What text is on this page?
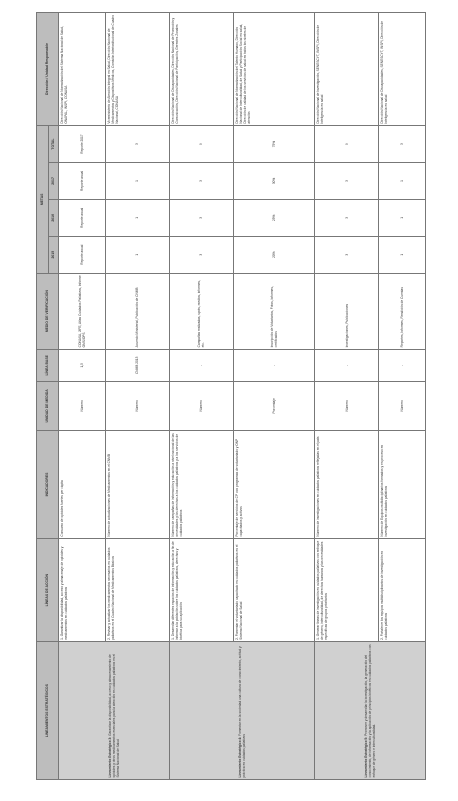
LINEAMIENTOS ESTRATÉGICOS	LÍNEAS DE ACCIÓN	INDICADORES	UNIDAD DE MEDIDA	LÍNEA BASE	MEDIO DE VERIFICACIÓN	METAS				Dirección / Unidad Responsable
						2015	2016	2017	TOTAL	
Lineamiento Estratégico 3: Garantizar la disponibilidad, acceso y almacenamiento de opioides y otros medicamentos esenciales para la atención en cuidados paliativos en el Sistema Nacional de Salud	1. Garantizar la disponibilidad, acceso y almacenaje de opioides y medicamentos en cuidados paliativos	Consumo de opioides fuertes per cápita	Número	1,5	CONASA, JIFE, Atlas Cuidados Paliativos, Informe OMS/OPS	Reporte anual	Reporte anual	Reporte anual	Reporte 2017	Dirección Nacional de Normatización del Sistema Nacional de Salud, ONAPAL, INSPI, CONASA
	2. Revisar y actualizar los medicamentos necesarios en cuidados paliativos en el Cuadro Nacional de Medicamentos Básicos	Número de actualizaciones de Medicamentos en el CNMB	Número	CNMB 2013	Acuerdo Ministerial, Publicación de CNMB	1	1	1	3	Viceministerio de Atención Integral en Salud, Dirección Nacional de Medicamentos y Dispositivos Médicos, Comisión Interinstitucional de Cuadro Nacional, CONASA
Lineamiento Estratégico 4: Fomentar en la sociedad una cultura de conocimiento, actitud y práctica en cuidados paliativos	1. Desarrollar diferentes espacios de información y educación a fin de informar a la población sobre los cuidados paliativos, derechos y bioética para su aplicación	Número de campañas de información y educación a nivel nacional de las necesidades y los derechos a los cuidados paliativos y a los servicios de cuidados paliativos	Número	-	Campañas realizadas, spots, medios, informes, etc.	3	3	3	9	Dirección Nacional de Discapacidades, Dirección Nacional de Promoción y Comunicación, Dirección Nacional de Participación, Gerentes Zonales
	2. Fomentar el voluntariado capacitado en cuidados paliativos en el Sistema Nacional de Salud	Porcentaje de servicios de CP con programas de voluntariado y ONP capacitados y activos	Porcentaje	-	Inscripción de Voluntarios, Fotos, Informes, certificados	20%	25%	30%	75%	Dirección Nacional de Normatización del Talento Humano, Dirección Nacional de Interculturalidad, de Salud y Participación Social en salud, Dirección de calidad de los servicios de salud en todos los niveles de atención
Lineamiento Estratégico 5: Promover y desarrollar la investigación, la generación del conocimiento, de información y la aplicación de principios bioéticos en cuidados paliativos con enfoque de género e interculturalidad.	1. Generar líneas de investigación en cuidados paliativos con enfoque de género, interculturalidad, de derechos humanos y las necesidades específicas de grupos prioritarios	Número de investigaciones en cuidados paliativos reflejadas en el país	Número	-	Investigaciones, Publicaciones	3	3	3	9	Dirección Nacional de Investigación, SENESCYT, INSPI, Dirección de Inteligencia en salud
	2. Fortalecer los equipos multidisciplinarios de investigación en cuidados paliativos	Número de Equipos multidisciplinarios formados y en proceso en investigación en cuidados paliativos	Número	-	Reportes, Informes, Rendición de Cuentas	1	1	1	3	Dirección Nacional de Discapacidades, SENESCYT, INSPI, Dirección de Inteligencia en salud
